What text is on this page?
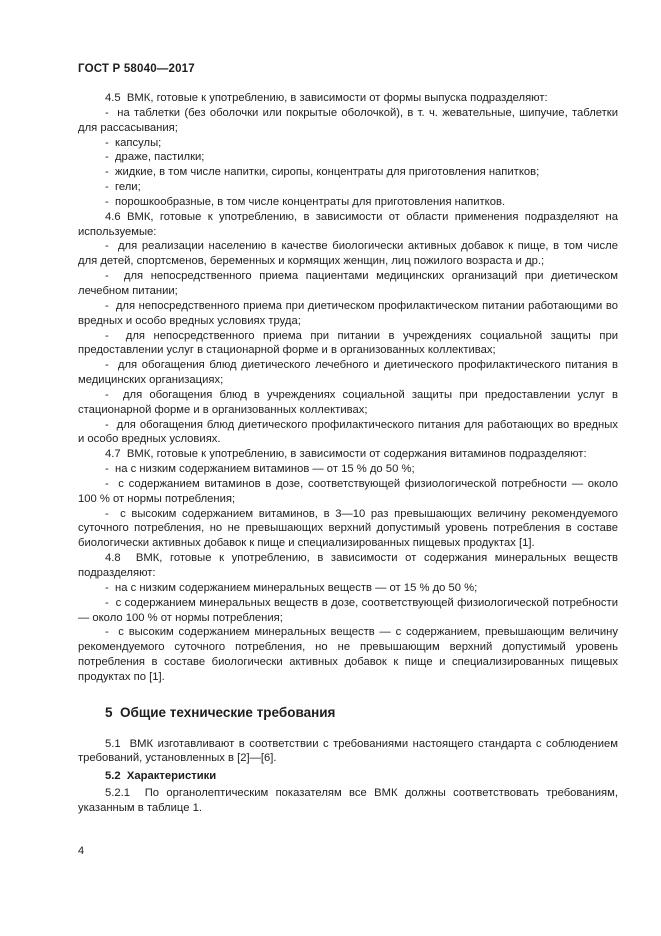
ГОСТ Р 58040—2017

4.5  ВМК, готовые к употреблению, в зависимости от формы выпуска подразделяют:

-  на таблетки (без оболочки или покрытые оболочкой), в т. ч. жевательные, шипучие, таблетки для рассасывания;

-  капсулы;

-  драже, пастилки;

-  жидкие, в том числе напитки, сиропы, концентраты для приготовления напитков;

-  гели;

-  порошкообразные, в том числе концентраты для приготовления напитков.

4.6 ВМК, готовые к употреблению, в зависимости от области применения подразделяют на используемые:

-  для реализации населению в качестве биологически активных добавок к пище, в том числе для детей, спортсменов, беременных и кормящих женщин, лиц пожилого возраста и др.;

-  для непосредственного приема пациентами медицинских организаций при диетическом лечебном питании;

-  для непосредственного приема при диетическом профилактическом питании работающими во вредных и особо вредных условиях труда;

-  для непосредственного приема при питании в учреждениях социальной защиты при предоставлении услуг в стационарной форме и в организованных коллективах;

-  для обогащения блюд диетического лечебного и диетического профилактического питания в медицинских организациях;

-  для обогащения блюд в учреждениях социальной защиты при предоставлении услуг в стационарной форме и в организованных коллективах;

-  для обогащения блюд диетического профилактического питания для работающих во вредных и особо вредных условиях.

4.7  ВМК, готовые к употреблению, в зависимости от содержания витаминов подразделяют:

-  на с низким содержанием витаминов — от 15 % до 50 %;

-  с содержанием витаминов в дозе, соответствующей физиологической потребности — около 100 % от нормы потребления;

-  с высоким содержанием витаминов, в 3—10 раз превышающих величину рекомендуемого суточного потребления, но не превышающих верхний допустимый уровень потребления в составе биологически активных добавок к пище и специализированных пищевых продуктах [1].

4.8  ВМК, готовые к употреблению, в зависимости от содержания минеральных веществ подразделяют:

-  на с низким содержанием минеральных веществ — от 15 % до 50 %;

-  с содержанием минеральных веществ в дозе, соответствующей физиологической потребности — около 100 % от нормы потребления;

-  с высоким содержанием минеральных веществ — с содержанием, превышающим величину рекомендуемого суточного потребления, но не превышающим верхний допустимый уровень потребления в составе биологически активных добавок к пище и специализированных пищевых продуктах по [1].

5  Общие технические требования

5.1  ВМК изготавливают в соответствии с требованиями настоящего стандарта с соблюдением требований, установленных в [2]—[6].

5.2  Характеристики

5.2.1  По органолептическим показателям все ВМК должны соответствовать требованиям, указанным в таблице 1.

4
